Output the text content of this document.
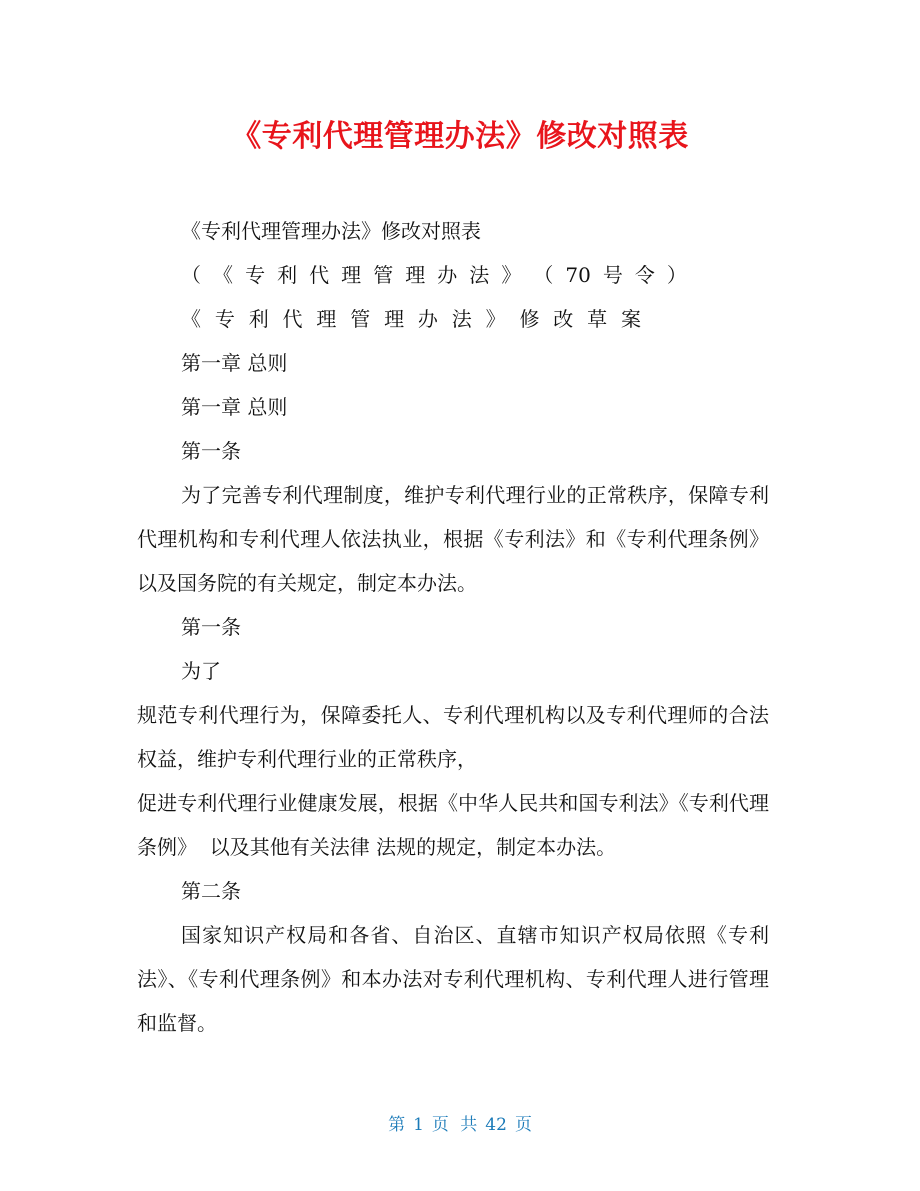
《专利代理管理办法》修改对照表
《专利代理管理办法》修改对照表
（ 《 专 利 代 理 管 理 办 法 》 （ 70 号 令 ）
《 专 利 代 理 管 理 办 法 》 修 改 草 案
第一章 总则
第一章 总则
第一条
为了完善专利代理制度，维护专利代理行业的正常秩序，保障专利代理机构和专利代理人依法执业，根据《专利法》和《专利代理条例》以及国务院的有关规定，制定本办法。
第一条
为了
规范专利代理行为，保障委托人、专利代理机构以及专利代理师的合法权益，维护专利代理行业的正常秩序，
促进专利代理行业健康发展，根据《中华人民共和国专利法》《专利代理条例》  以及其他有关法律 法规的规定，制定本办法。
第二条
国家知识产权局和各省、自治区、直辖市知识产权局依照《专利法》、《专利代理条例》和本办法对专利代理机构、专利代理人进行管理和监督。
第 1 页 共 42 页
